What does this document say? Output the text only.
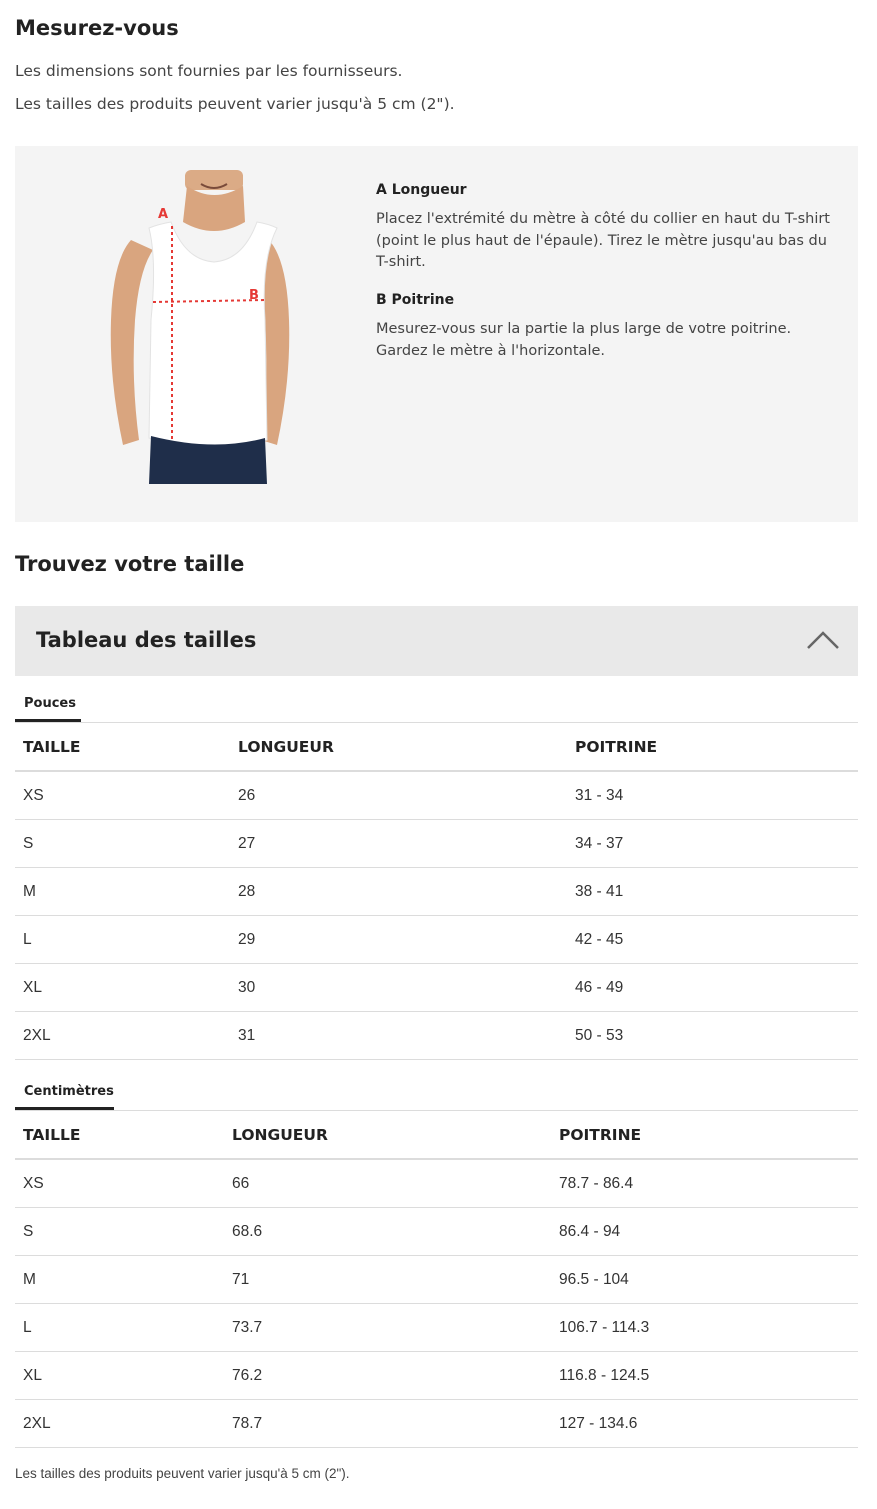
Mesurez-vous

Les dimensions sont fournies par les fournisseurs.

Les tailles des produits peuvent varier jusqu'à 5 cm (2").

A
B

A Longueur

Placez l'extrémité du mètre à côté du collier en haut du T-shirt (point le plus haut de l'épaule). Tirez le mètre jusqu'au bas du T-shirt.

B Poitrine

Mesurez-vous sur la partie la plus large de votre poitrine. Gardez le mètre à l'horizontale.

Trouvez votre taille
Tableau des tailles
Pouces
TAILLE	LONGUEUR	POITRINE
XS	26	31 - 34
S	27	34 - 37
M	28	38 - 41
L	29	42 - 45
XL	30	46 - 49
2XL	31	50 - 53
Centimètres
TAILLE	LONGUEUR	POITRINE
XS	66	78.7 - 86.4
S	68.6	86.4 - 94
M	71	96.5 - 104
L	73.7	106.7 - 114.3
XL	76.2	116.8 - 124.5
2XL	78.7	127 - 134.6

Les tailles des produits peuvent varier jusqu'à 5 cm (2").
